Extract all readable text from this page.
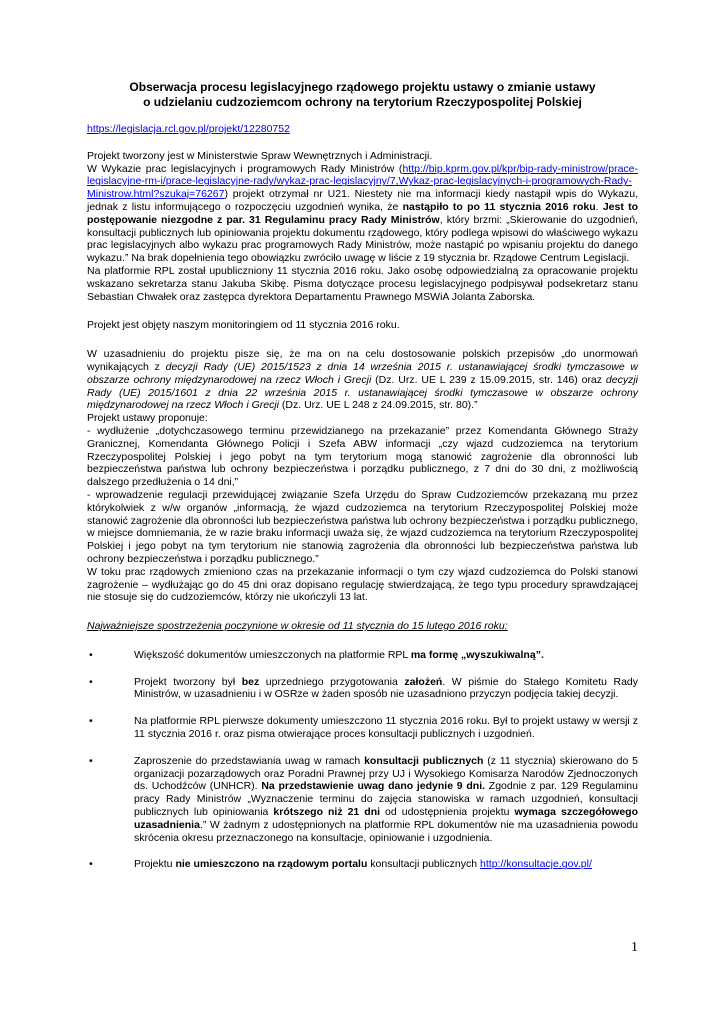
Obserwacja procesu legislacyjnego rządowego projektu ustawy o zmianie ustawy

o udzielaniu cudzoziemcom ochrony na terytorium Rzeczypospolitej Polskiej

https://legislacja.rcl.gov.pl/projekt/12280752

Projekt tworzony jest w Ministerstwie Spraw Wewnętrznych i Administracji.

W Wykazie prac legislacyjnych i programowych Rady Ministrów (http://bip.kprm.gov.pl/kpr/bip-rady-ministrow/prace-legislacyjne-rm-i/prace-legislacyjne-rady/wykaz-prac-legislacyjny/7,Wykaz-prac-legislacyjnych-i-programowych-Rady-Ministrow.html?szukaj=76267) projekt otrzymał nr U21. Niestety nie ma informacji kiedy nastąpił wpis do Wykazu, jednak z listu informującego o rozpoczęciu uzgodnień wynika, że nastąpiło to po 11 stycznia 2016 roku. Jest to postępowanie niezgodne z par. 31 Regulaminu pracy Rady Ministrów, który brzmi: „Skierowanie do uzgodnień, konsultacji publicznych lub opiniowania projektu dokumentu rządowego, który podlega wpisowi do właściwego wykazu prac legislacyjnych albo wykazu prac programowych Rady Ministrów, może nastąpić po wpisaniu projektu do danego wykazu.” Na brak dopełnienia tego obowiązku zwróciło uwagę w liście z 19 stycznia br. Rządowe Centrum Legislacji.

Na platformie RPL został upubliczniony 11 stycznia 2016 roku. Jako osobę odpowiedzialną za opracowanie projektu wskazano sekretarza stanu Jakuba Skibę. Pisma dotyczące procesu legislacyjnego podpisywał podsekretarz stanu Sebastian Chwałek oraz zastępca dyrektora Departamentu Prawnego MSWiA Jolanta Zaborska.

Projekt jest objęty naszym monitoringiem od 11 stycznia 2016 roku.

W uzasadnieniu do projektu pisze się, że ma on na celu dostosowanie polskich przepisów „do unormowań wynikających z decyzji Rady (UE) 2015/1523 z dnia 14 września 2015 r. ustanawiającej środki tymczasowe w obszarze ochrony międzynarodowej na rzecz Włoch i Grecji (Dz. Urz. UE L 239 z 15.09.2015, str. 146) oraz decyzji Rady (UE) 2015/1601 z dnia 22 września 2015 r. ustanawiającej środki tymczasowe w obszarze ochrony międzynarodowej na rzecz Włoch i Grecji (Dz. Urz. UE L 248 z 24.09.2015, str. 80).”

Projekt ustawy proponuje:

- wydłużenie „dotychczasowego terminu przewidzianego na przekazanie” przez Komendanta Głównego Straży Granicznej, Komendanta Głównego Policji i Szefa ABW informacji „czy wjazd cudzoziemca na terytorium Rzeczypospolitej Polskiej i jego pobyt na tym terytorium mogą stanowić zagrożenie dla obronności lub bezpieczeństwa państwa lub ochrony bezpieczeństwa i porządku publicznego, z 7 dni do 30 dni, z możliwością dalszego przedłużenia o 14 dni,”

- wprowadzenie regulacji przewidującej związanie Szefa Urzędu do Spraw Cudzoziemców przekazaną mu przez którykolwiek z w/w organów „informacją, że wjazd cudzoziemca na terytorium Rzeczypospolitej Polskiej może stanowić zagrożenie dla obronności lub bezpieczeństwa państwa lub ochrony bezpieczeństwa i porządku publicznego, w miejsce domniemania, że w razie braku informacji uważa się, że wjazd cudzoziemca na terytorium Rzeczypospolitej Polskiej i jego pobyt na tym terytorium nie stanowią zagrożenia dla obronności lub bezpieczeństwa państwa lub ochrony bezpieczeństwa i porządku publicznego.”

W toku prac rządowych zmieniono czas na przekazanie informacji o tym czy wjazd cudzoziemca do Polski stanowi zagrożenie – wydłużając go do 45 dni oraz dopisano regulację stwierdzającą, że tego typu procedury sprawdzającej nie stosuje się do cudzoziemców, którzy nie ukończyli 13 lat.

Najważniejsze spostrzeżenia poczynione w okresie od 11 stycznia do 15 lutego 2016 roku:

•	Większość dokumentów umieszczonych na platformie RPL ma formę „wyszukiwalną”.

•	Projekt tworzony był bez uprzedniego przygotowania założeń. W piśmie do Stałego Komitetu Rady Ministrów, w uzasadnieniu i w OSRze w żaden sposób nie uzasadniono przyczyn podjęcia takiej decyzji.

•	Na platformie RPL pierwsze dokumenty umieszczono 11 stycznia 2016 roku. Był to projekt ustawy w wersji z 11 stycznia 2016 r. oraz pisma otwierające proces konsultacji publicznych i uzgodnień.

•	Zaproszenie do przedstawiania uwag w ramach konsultacji publicznych (z 11 stycznia) skierowano do 5 organizacji pozarządowych oraz Poradni Prawnej przy UJ i Wysokiego Komisarza Narodów Zjednoczonych ds. Uchodźców (UNHCR). Na przedstawienie uwag dano jedynie 9 dni. Zgodnie z par. 129 Regulaminu pracy Rady Ministrów „Wyznaczenie terminu do zajęcia stanowiska w ramach uzgodnień, konsultacji publicznych lub opiniowania krótszego niż 21 dni od udostępnienia projektu wymaga szczegółowego uzasadnienia.” W żadnym z udostępnionych na platformie RPL dokumentów nie ma uzasadnienia powodu skrócenia okresu przeznaczonego na konsultacje, opiniowanie i uzgodnienia.

•	Projektu nie umieszczono na rządowym portalu konsultacji publicznych http://konsultacje.gov.pl/

1
